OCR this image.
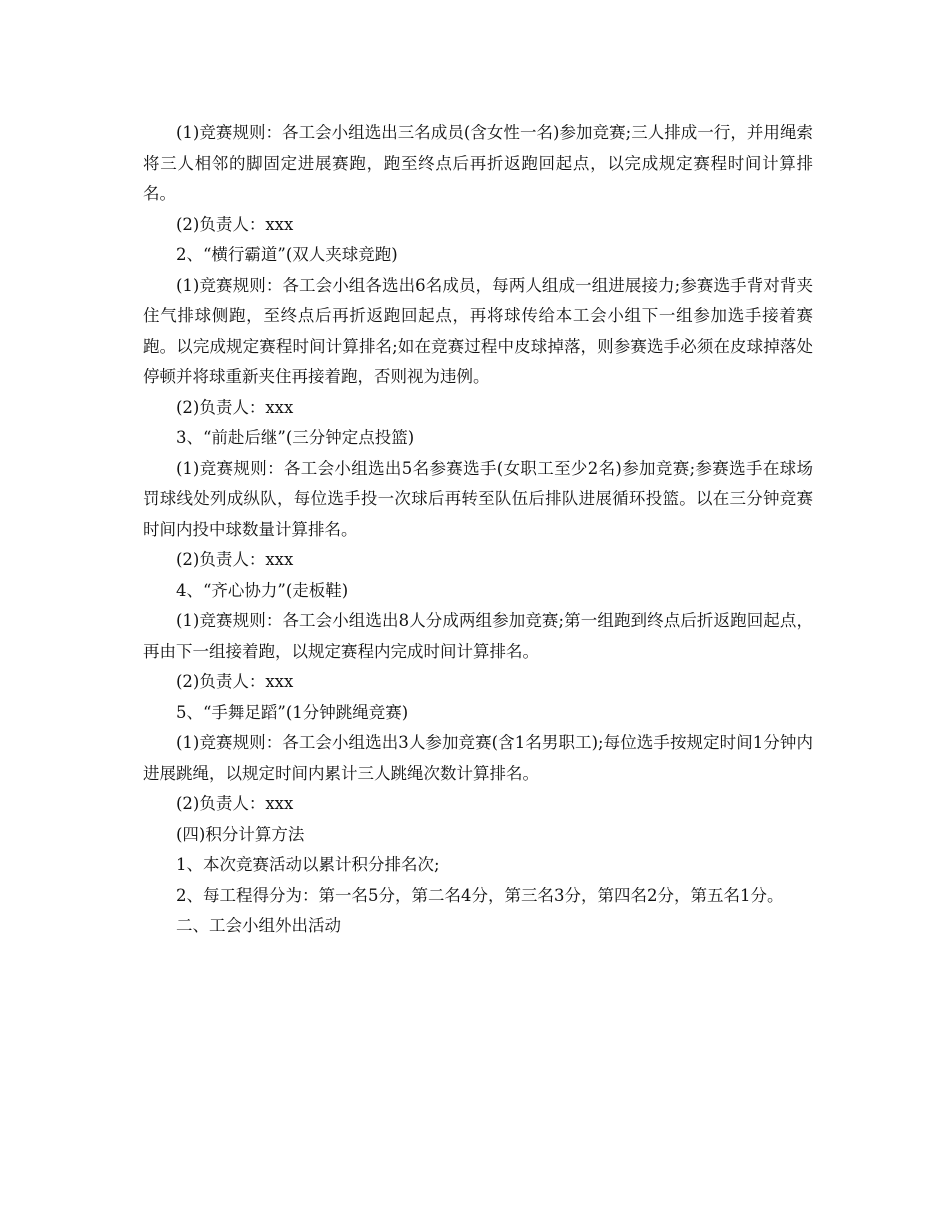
(1)竞赛规则：各工会小组选出三名成员(含女性一名)参加竞赛;三人排成一行，并用绳索将三人相邻的脚固定进展赛跑，跑至终点后再折返跑回起点，以完成规定赛程时间计算排名。

(2)负责人：xxx

2、“横行霸道”(双人夹球竞跑)

(1)竞赛规则：各工会小组各选出6名成员，每两人组成一组进展接力;参赛选手背对背夹住气排球侧跑，至终点后再折返跑回起点，再将球传给本工会小组下一组参加选手接着赛跑。以完成规定赛程时间计算排名;如在竞赛过程中皮球掉落，则参赛选手必须在皮球掉落处停顿并将球重新夹住再接着跑，否则视为违例。

(2)负责人：xxx

3、“前赴后继”(三分钟定点投篮)

(1)竞赛规则：各工会小组选出5名参赛选手(女职工至少2名)参加竞赛;参赛选手在球场罚球线处列成纵队，每位选手投一次球后再转至队伍后排队进展循环投篮。以在三分钟竞赛时间内投中球数量计算排名。

(2)负责人：xxx

4、“齐心协力”(走板鞋)

(1)竞赛规则：各工会小组选出8人分成两组参加竞赛;第一组跑到终点后折返跑回起点，再由下一组接着跑，以规定赛程内完成时间计算排名。

(2)负责人：xxx

5、“手舞足蹈”(1分钟跳绳竞赛)

(1)竞赛规则：各工会小组选出3人参加竞赛(含1名男职工);每位选手按规定时间1分钟内进展跳绳，以规定时间内累计三人跳绳次数计算排名。

(2)负责人：xxx

(四)积分计算方法

1、本次竞赛活动以累计积分排名次;

2、每工程得分为：第一名5分，第二名4分，第三名3分，第四名2分，第五名1分。

二、工会小组外出活动
